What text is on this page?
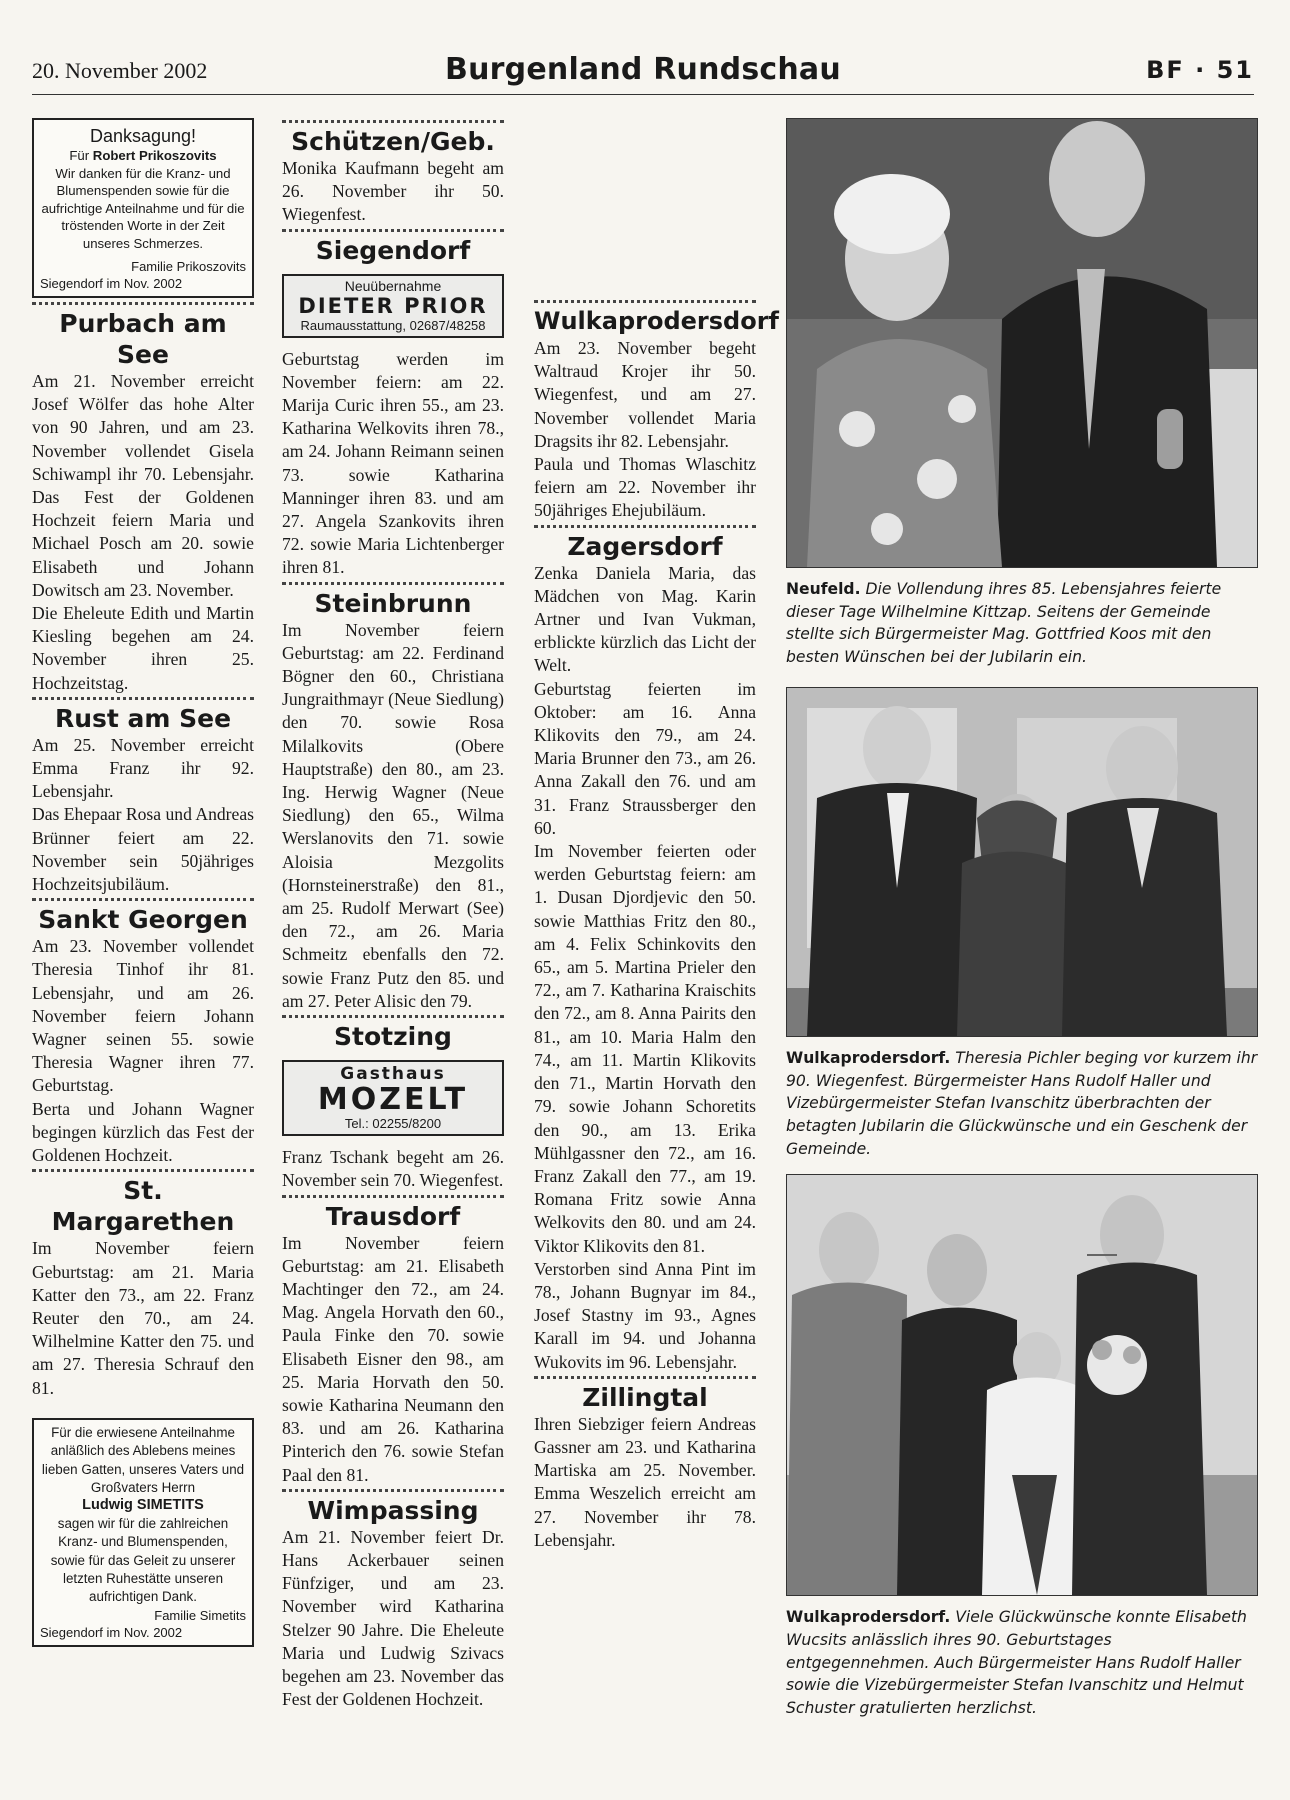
20. November 2002	Burgenland Rundschau	BF · 51
Danksagung!
Für Robert Prikoszovits
Wir danken für die Kranz- und Blumenspenden sowie für die aufrichtige Anteilnahme und für die tröstenden Worte in der Zeit unseres Schmerzes.
Familie Prikoszovits
Siegendorf im Nov. 2002
Purbach am See

Am 21. November erreicht Josef Wölfer das hohe Alter von 90 Jahren, und am 23. November vollendet Gisela Schiwampl ihr 70. Lebensjahr. Das Fest der Goldenen Hochzeit feiern Maria und Michael Posch am 20. sowie Elisabeth und Johann Dowitsch am 23. November.

Die Eheleute Edith und Martin Kiesling begehen am 24. November ihren 25. Hochzeitstag.

Rust am See

Am 25. November erreicht Emma Franz ihr 92. Lebensjahr.

Das Ehepaar Rosa und Andreas Brünner feiert am 22. November sein 50jähriges Hochzeitsjubiläum.

Sankt Georgen

Am 23. November vollendet Theresia Tinhof ihr 81. Lebensjahr, und am 26. November feiern Johann Wagner seinen 55. sowie Theresia Wagner ihren 77. Geburtstag.

Berta und Johann Wagner begingen kürzlich das Fest der Goldenen Hochzeit.

St. Margarethen

Im November feiern Geburtstag: am 21. Maria Katter den 73., am 22. Franz Reuter den 70., am 24. Wilhelmine Katter den 75. und am 27. Theresia Schrauf den 81.

Für die erwiesene Anteilnahme anläßlich des Ablebens meines lieben Gatten, unseres Vaters und Großvaters Herrn
Ludwig SIMETITS
sagen wir für die zahlreichen Kranz- und Blumenspenden, sowie für das Geleit zu unserer letzten Ruhestätte unseren aufrichtigen Dank.
Familie Simetits
Siegendorf im Nov. 2002
Schützen/Geb.

Monika Kaufmann begeht am 26. November ihr 50. Wiegenfest.

Siegendorf
Neuübernahme
DIETER PRIOR
Raumausstattung, 02687/48258

Geburtstag werden im November feiern: am 22. Marija Curic ihren 55., am 23. Katharina Welkovits ihren 78., am 24. Johann Reimann seinen 73. sowie Katharina Manninger ihren 83. und am 27. Angela Szankovits ihren 72. sowie Maria Lichtenberger ihren 81.

Steinbrunn

Im November feiern Geburtstag: am 22. Ferdinand Bögner den 60., Christiana Jungraithmayr (Neue Siedlung) den 70. sowie Rosa Milalkovits (Obere Hauptstraße) den 80., am 23. Ing. Herwig Wagner (Neue Siedlung) den 65., Wilma Werslanovits den 71. sowie Aloisia Mezgolits (Hornsteinerstraße) den 81., am 25. Rudolf Merwart (See) den 72., am 26. Maria Schmeitz ebenfalls den 72. sowie Franz Putz den 85. und am 27. Peter Alisic den 79.

Stotzing
Gasthaus
MOZELT
Tel.: 02255/8200

Franz Tschank begeht am 26. November sein 70. Wiegenfest.

Trausdorf

Im November feiern Geburtstag: am 21. Elisabeth Machtinger den 72., am 24. Mag. Angela Horvath den 60., Paula Finke den 70. sowie Elisabeth Eisner den 98., am 25. Maria Horvath den 50. sowie Katharina Neumann den 83. und am 26. Katharina Pinterich den 76. sowie Stefan Paal den 81.

Wimpassing

Am 21. November feiert Dr. Hans Ackerbauer seinen Fünfziger, und am 23. November wird Katharina Stelzer 90 Jahre. Die Eheleute Maria und Ludwig Szivacs begehen am 23. November das Fest der Goldenen Hochzeit.

Wulkaprodersdorf

Am 23. November begeht Waltraud Krojer ihr 50. Wiegenfest, und am 27. November vollendet Maria Dragsits ihr 82. Lebensjahr.

Paula und Thomas Wlaschitz feiern am 22. November ihr 50jähriges Ehejubiläum.

Zagersdorf

Zenka Daniela Maria, das Mädchen von Mag. Karin Artner und Ivan Vukman, erblickte kürzlich das Licht der Welt.

Geburtstag feierten im Oktober: am 16. Anna Klikovits den 79., am 24. Maria Brunner den 73., am 26. Anna Zakall den 76. und am 31. Franz Straussberger den 60.

Im November feierten oder werden Geburtstag feiern: am 1. Dusan Djordjevic den 50. sowie Matthias Fritz den 80., am 4. Felix Schinkovits den 65., am 5. Martina Prieler den 72., am 7. Katharina Kraischits den 72., am 8. Anna Pairits den 81., am 10. Maria Halm den 74., am 11. Martin Klikovits den 71., Martin Horvath den 79. sowie Johann Schoretits den 90., am 13. Erika Mühlgassner den 72., am 16. Franz Zakall den 77., am 19. Romana Fritz sowie Anna Welkovits den 80. und am 24. Viktor Klikovits den 81.

Verstorben sind Anna Pint im 78., Johann Bugnyar im 84., Josef Stastny im 93., Agnes Karall im 94. und Johanna Wukovits im 96. Lebensjahr.

Zillingtal

Ihren Siebziger feiern Andreas Gassner am 23. und Katharina Martiska am 25. November. Emma Weszelich erreicht am 27. November ihr 78. Lebensjahr.

Neufeld. Die Vollendung ihres 85. Lebensjahres feierte dieser Tage Wilhelmine Kittzap. Seitens der Gemeinde stellte sich Bürgermeister Mag. Gottfried Koos mit den besten Wünschen bei der Jubilarin ein.
Wulkaprodersdorf. Theresia Pichler beging vor kurzem ihr 90. Wiegenfest. Bürgermeister Hans Rudolf Haller und Vizebürgermeister Stefan Ivanschitz überbrachten der betagten Jubilarin die Glückwünsche und ein Geschenk der Gemeinde.
Wulkaprodersdorf. Viele Glückwünsche konnte Elisabeth Wucsits anlässlich ihres 90. Geburtstages entgegennehmen. Auch Bürgermeister Hans Rudolf Haller sowie die Vizebürgermeister Stefan Ivanschitz und Helmut Schuster gratulierten herzlichst.
